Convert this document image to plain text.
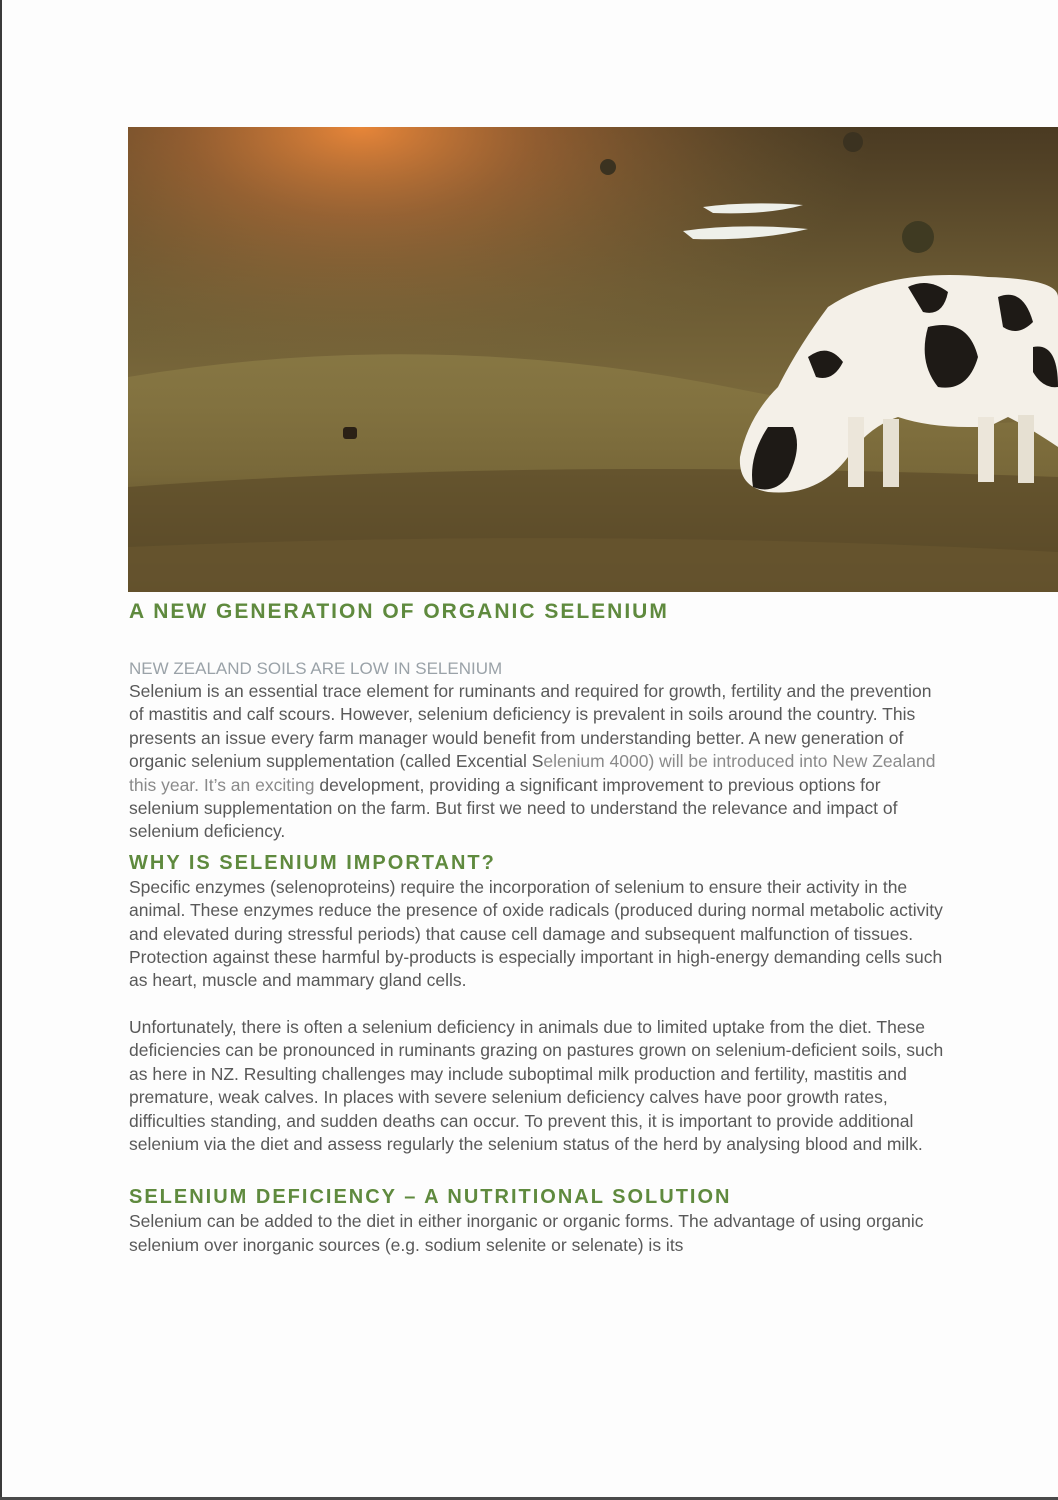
A NEW GENERATION OF ORGANIC SELENIUM
NEW ZEALAND SOILS ARE LOW IN SELENIUM

Selenium is an essential trace element for ruminants and required for growth, fertility and the prevention of mastitis and calf scours. However, selenium deficiency is prevalent in soils around the country. This presents an issue every farm manager would benefit from understanding better. A new generation of organic selenium supplementation (called Excential Selenium 4000) will be introduced into New Zealand this year. It’s an exciting development, providing a significant improvement to previous options for selenium supplementation on the farm. But first we need to understand the relevance and impact of selenium deficiency.

WHY IS SELENIUM IMPORTANT?

Specific enzymes (selenoproteins) require the incorporation of selenium to ensure their activity in the animal. These enzymes reduce the presence of oxide radicals (produced during normal metabolic activity and elevated during stressful periods) that cause cell damage and subsequent malfunction of tissues. Protection against these harmful by-products is especially important in high-energy demanding cells such as heart, muscle and mammary gland cells.

Unfortunately, there is often a selenium deficiency in animals due to limited uptake from the diet. These deficiencies can be pronounced in ruminants grazing on pastures grown on selenium-deficient soils, such as here in NZ. Resulting challenges may include suboptimal milk production and fertility, mastitis and premature, weak calves. In places with severe selenium deficiency calves have poor growth rates, difficulties standing, and sudden deaths can occur. To prevent this, it is important to provide additional selenium via the diet and assess regularly the selenium status of the herd by analysing blood and milk.

SELENIUM DEFICIENCY – A NUTRITIONAL SOLUTION

Selenium can be added to the diet in either inorganic or organic forms. The advantage of using organic selenium over inorganic sources (e.g. sodium selenite or selenate) is its
